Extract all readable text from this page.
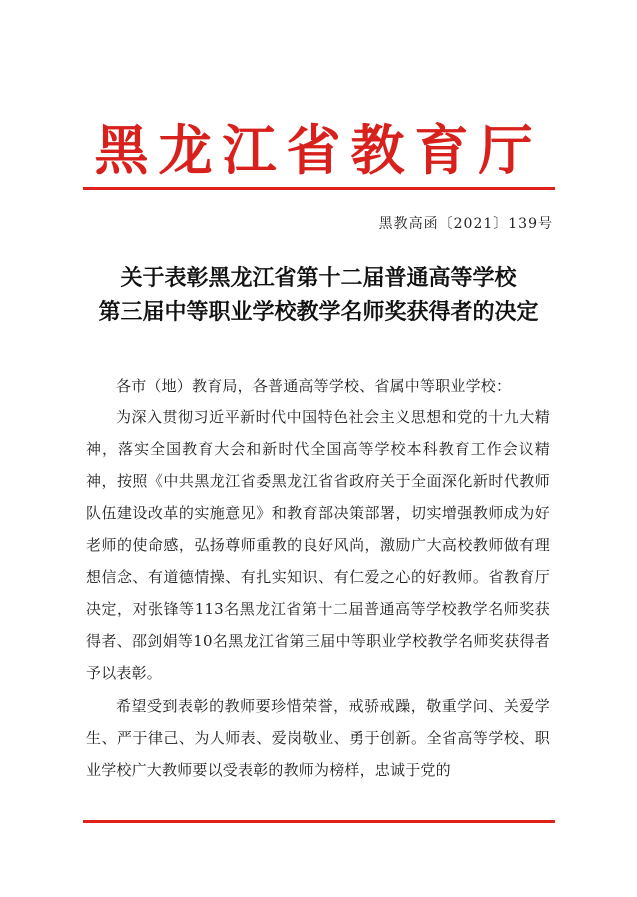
黑龙江省教育厅
黑教高函〔2021〕139号
关于表彰黑龙江省第十二届普通高等学校
第三届中等职业学校教学名师奖获得者的决定

各市（地）教育局，各普通高等学校、省属中等职业学校：

为深入贯彻习近平新时代中国特色社会主义思想和党的十九大精神，落实全国教育大会和新时代全国高等学校本科教育工作会议精神，按照《中共黑龙江省委黑龙江省省政府关于全面深化新时代教师队伍建设改革的实施意见》和教育部决策部署，切实增强教师成为好老师的使命感，弘扬尊师重教的良好风尚，激励广大高校教师做有理想信念、有道德情操、有扎实知识、有仁爱之心的好教师。省教育厅决定，对张锋等113名黑龙江省第十二届普通高等学校教学名师奖获得者、邵剑娟等10名黑龙江省第三届中等职业学校教学名师奖获得者予以表彰。

希望受到表彰的教师要珍惜荣誉，戒骄戒躁，敬重学问、关爱学生、严于律己、为人师表、爱岗敬业、勇于创新。全省高等学校、职业学校广大教师要以受表彰的教师为榜样，忠诚于党的
